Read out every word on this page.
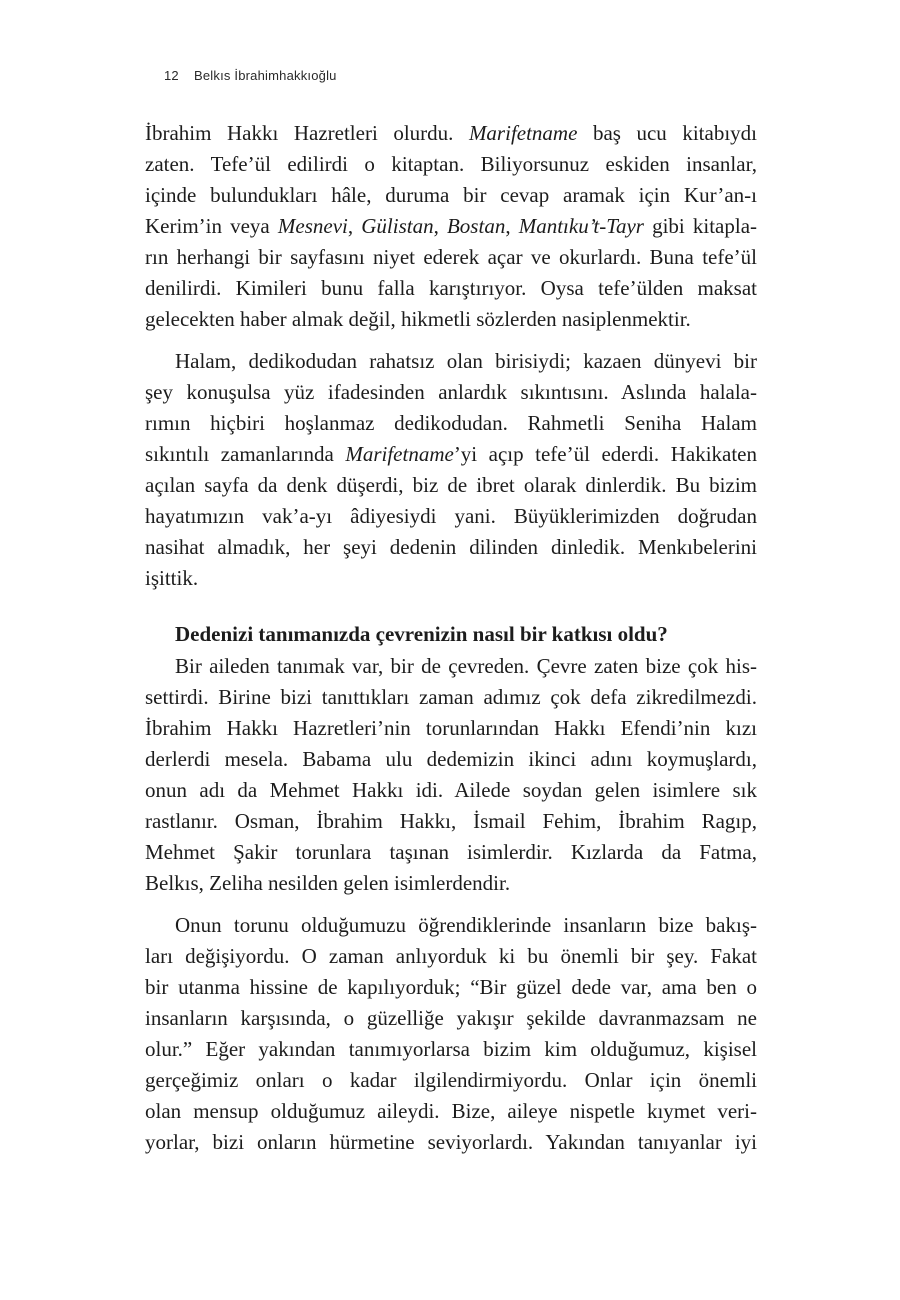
12 Belkıs İbrahimhakkıoğlu
İbrahim Hakkı Hazretleri olurdu. Marifetname baş ucu kitabıydı
zaten. Tefe’ül edilirdi o kitaptan. Biliyorsunuz eskiden insanlar,
içinde bulundukları hâle, duruma bir cevap aramak için Kur’an-ı
Kerim’in veya Mesnevi, Gülistan, Bostan, Mantıku’t-Tayr gibi kitapla-
rın herhangi bir sayfasını niyet ederek açar ve okurlardı. Buna tefe’ül
denilirdi. Kimileri bunu falla karıştırıyor. Oysa tefe’ülden maksat
gelecekten haber almak değil, hikmetli sözlerden nasiplenmektir.
Halam, dedikodudan rahatsız olan birisiydi; kazaen dünyevi bir
şey konuşulsa yüz ifadesinden anlardık sıkıntısını. Aslında halala-
rımın hiçbiri hoşlanmaz dedikodudan. Rahmetli Seniha Halam
sıkıntılı zamanlarında Marifetname’yi açıp tefe’ül ederdi. Hakikaten
açılan sayfa da denk düşerdi, biz de ibret olarak dinlerdik. Bu bizim
hayatımızın vak’a-yı âdiyesiydi yani. Büyüklerimizden doğrudan
nasihat almadık, her şeyi dedenin dilinden dinledik. Menkıbelerini
işittik.
Dedenizi tanımanızda çevrenizin nasıl bir katkısı oldu?
Bir aileden tanımak var, bir de çevreden. Çevre zaten bize çok his-
settirdi. Birine bizi tanıttıkları zaman adımız çok defa zikredilmezdi.
İbrahim Hakkı Hazretleri’nin torunlarından Hakkı Efendi’nin kızı
derlerdi mesela. Babama ulu dedemizin ikinci adını koymuşlardı,
onun adı da Mehmet Hakkı idi. Ailede soydan gelen isimlere sık
rastlanır. Osman, İbrahim Hakkı, İsmail Fehim, İbrahim Ragıp,
Mehmet Şakir torunlara taşınan isimlerdir. Kızlarda da Fatma,
Belkıs, Zeliha nesilden gelen isimlerdendir.
Onun torunu olduğumuzu öğrendiklerinde insanların bize bakış-
ları değişiyordu. O zaman anlıyorduk ki bu önemli bir şey. Fakat
bir utanma hissine de kapılıyorduk; “Bir güzel dede var, ama ben o
insanların karşısında, o güzelliğe yakışır şekilde davranmazsam ne
olur.” Eğer yakından tanımıyorlarsa bizim kim olduğumuz, kişisel
gerçeğimiz onları o kadar ilgilendirmiyordu. Onlar için önemli
olan mensup olduğumuz aileydi. Bize, aileye nispetle kıymet veri-
yorlar, bizi onların hürmetine seviyorlardı. Yakından tanıyanlar iyi
